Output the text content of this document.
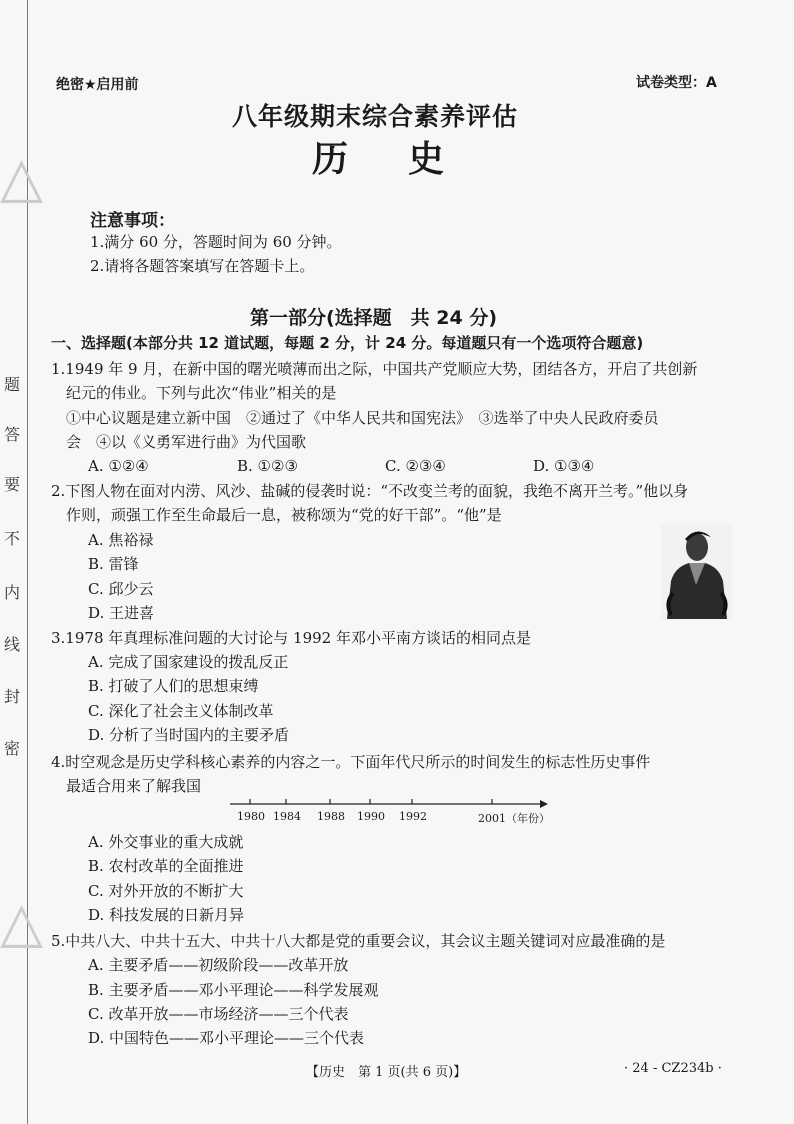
△
△
题
答
要
不
内
线
封
密
绝密★启用前	试卷类型：A
八年级期末综合素养评估
历史
注意事项：
1.满分 60 分，答题时间为 60 分钟。
2.请将各题答案填写在答题卡上。
第一部分(选择题　共 24 分)
一、选择题(本部分共 12 道试题，每题 2 分，计 24 分。每道题只有一个选项符合题意)
1.1949 年 9 月，在新中国的曙光喷薄而出之际，中国共产党顺应大势，团结各方，开启了共创新
纪元的伟业。下列与此次“伟业”相关的是
①中心议题是建立新中国　②通过了《中华人民共和国宪法》　③选举了中央人民政府委员
会　④以《义勇军进行曲》为代国歌
A. ①②④	B. ①②③	C. ②③④	D. ①③④
2.下图人物在面对内涝、风沙、盐碱的侵袭时说：“不改变兰考的面貌，我绝不离开兰考。”他以身
作则，顽强工作至生命最后一息，被称颂为“党的好干部”。“他”是
A. 焦裕禄
B. 雷锋
C. 邱少云
D. 王进喜
3.1978 年真理标准问题的大讨论与 1992 年邓小平南方谈话的相同点是
A. 完成了国家建设的拨乱反正
B. 打破了人们的思想束缚
C. 深化了社会主义体制改革
D. 分析了当时国内的主要矛盾
4.时空观念是历史学科核心素养的内容之一。下面年代尺所示的时间发生的标志性历史事件
最适合用来了解我国
1980 1984 1988 1990 1992	2001（年份）
A. 外交事业的重大成就
B. 农村改革的全面推进
C. 对外开放的不断扩大
D. 科技发展的日新月异
5.中共八大、中共十五大、中共十八大都是党的重要会议，其会议主题关键词对应最准确的是
A. 主要矛盾——初级阶段——改革开放
B. 主要矛盾——邓小平理论——科学发展观
C. 改革开放——市场经济——三个代表
D. 中国特色——邓小平理论——三个代表
【历史　第 1 页(共 6 页)】	· 24 - CZ234b ·
